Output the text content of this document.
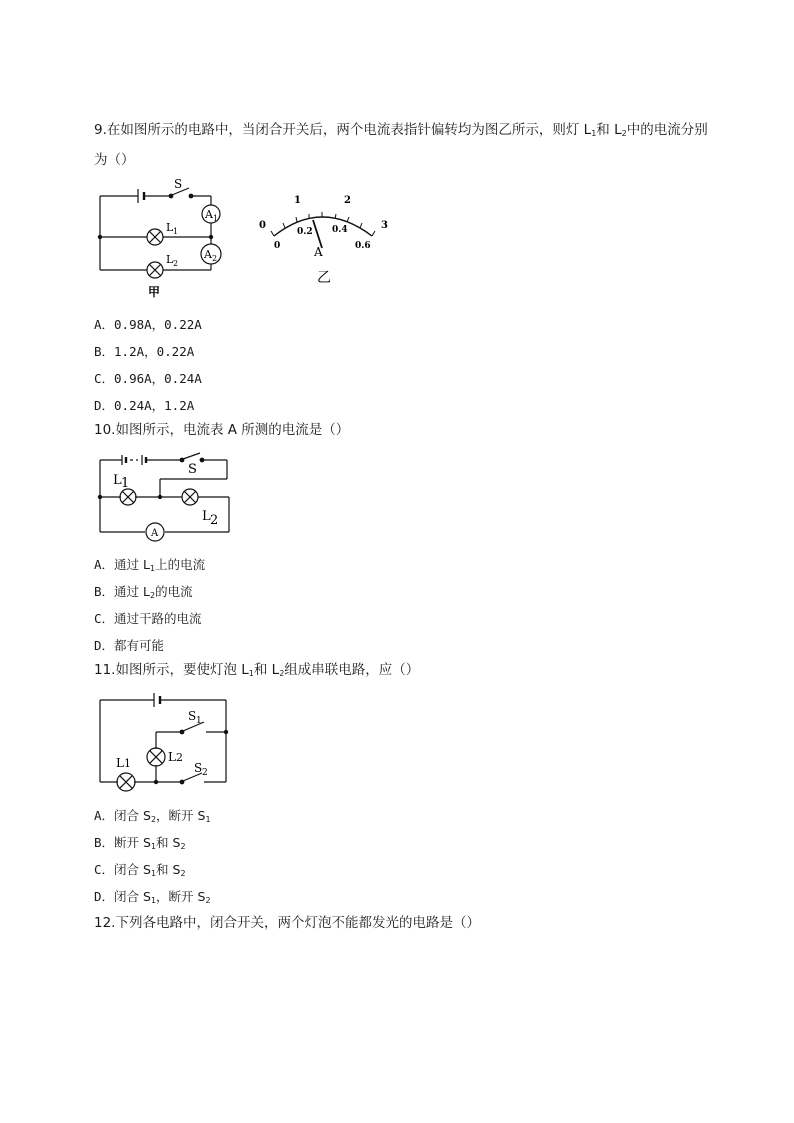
9.在如图所示的电路中，当闭合开关后，两个电流表指针偏转均为图乙所示，则灯 $L_1$和 $L_2$中的电流分别为（）
S
A 1
A 2
L 1
L 2
甲
0
1	2
3
0
0.2 0.4
0.6
A
乙
A．0.98A，0.22A
B．1.2A，0.22A
C．0.96A，0.24A
D．0.24A，1.2A
10.如图所示，电流表 A 所测的电流是（）
S
L 1
L 2
A
A．通过 $L_1$上的电流
B．通过 $L_2$的电流
C．通过干路的电流
D．都有可能
11.如图所示，要使灯泡 $L_1$和 $L_2$组成串联电路，应（）
S 1
S 2
L 1	L 2
A．闭合 $S_2$，断开 $S_1$
B．断开 $S_1$和 $S_2$
C．闭合 $S_1$和 $S_2$
D．闭合 $S_1$，断开 $S_2$
12.下列各电路中，闭合开关，两个灯泡不能都发光的电路是（）
